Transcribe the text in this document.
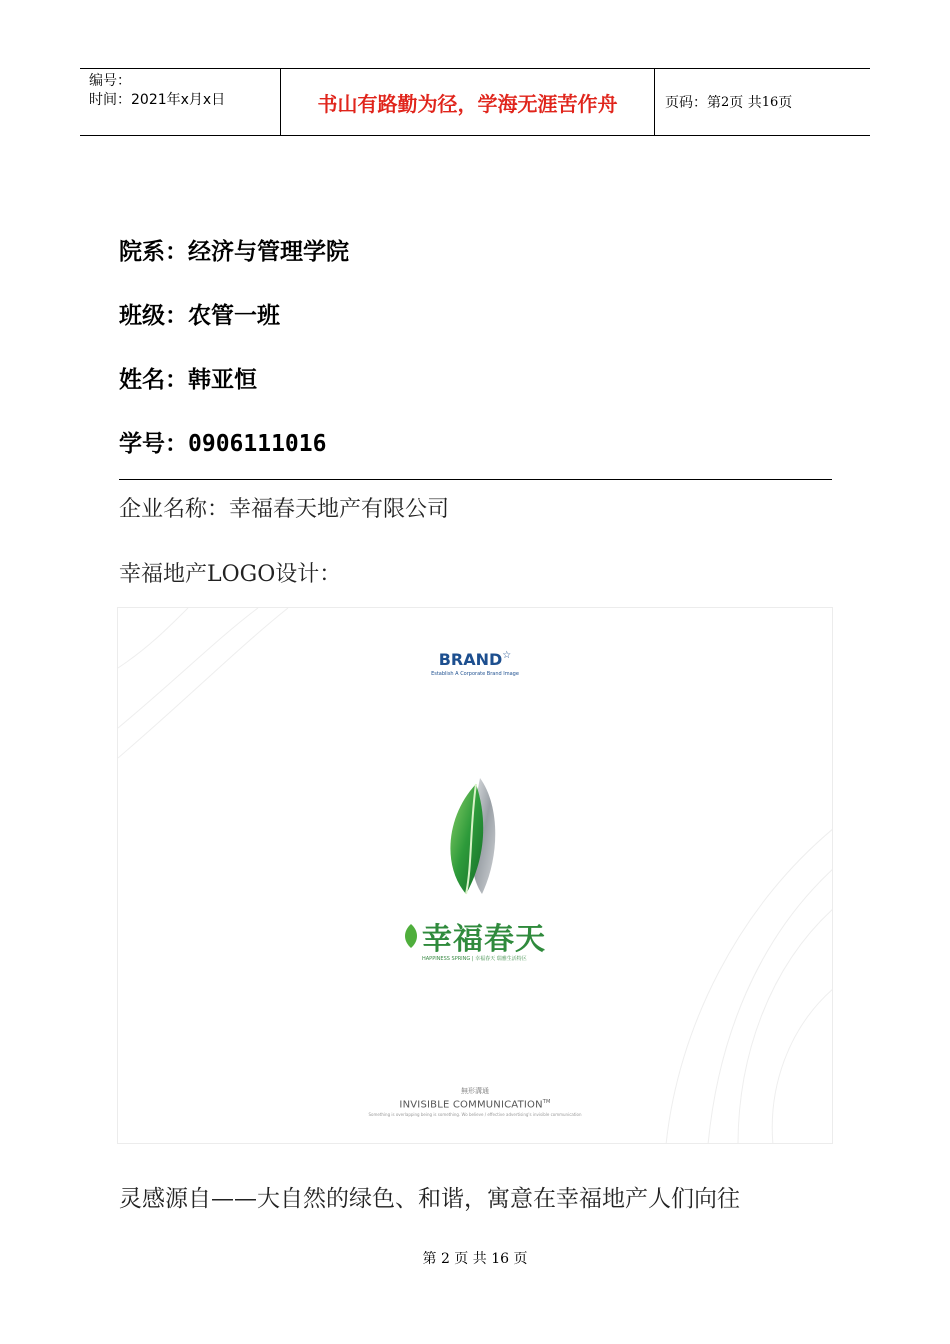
编号：
时间：2021年x月x日	书山有路勤为径，学海无涯苦作舟	页码：第 2 页 共 16 页
院系：经济与管理学院
班级：农管一班
姓名：韩亚恒
学号：0906111016
企业名称：幸福春天地产有限公司
幸福地产LOGO设计：
BRAND☆
Establish A Corporate Brand Image
幸福春天
HAPPINESS SPRING | 幸福春天 瑞雅生活特区
無形溝通
INVISIBLE COMMUNICATION™
Something is overlapping being is something. Wo believe / effective advertising's invisible communication
灵感源自——大自然的绿色、和谐，寓意在幸福地产人们向往
第 2 页 共 16 页
